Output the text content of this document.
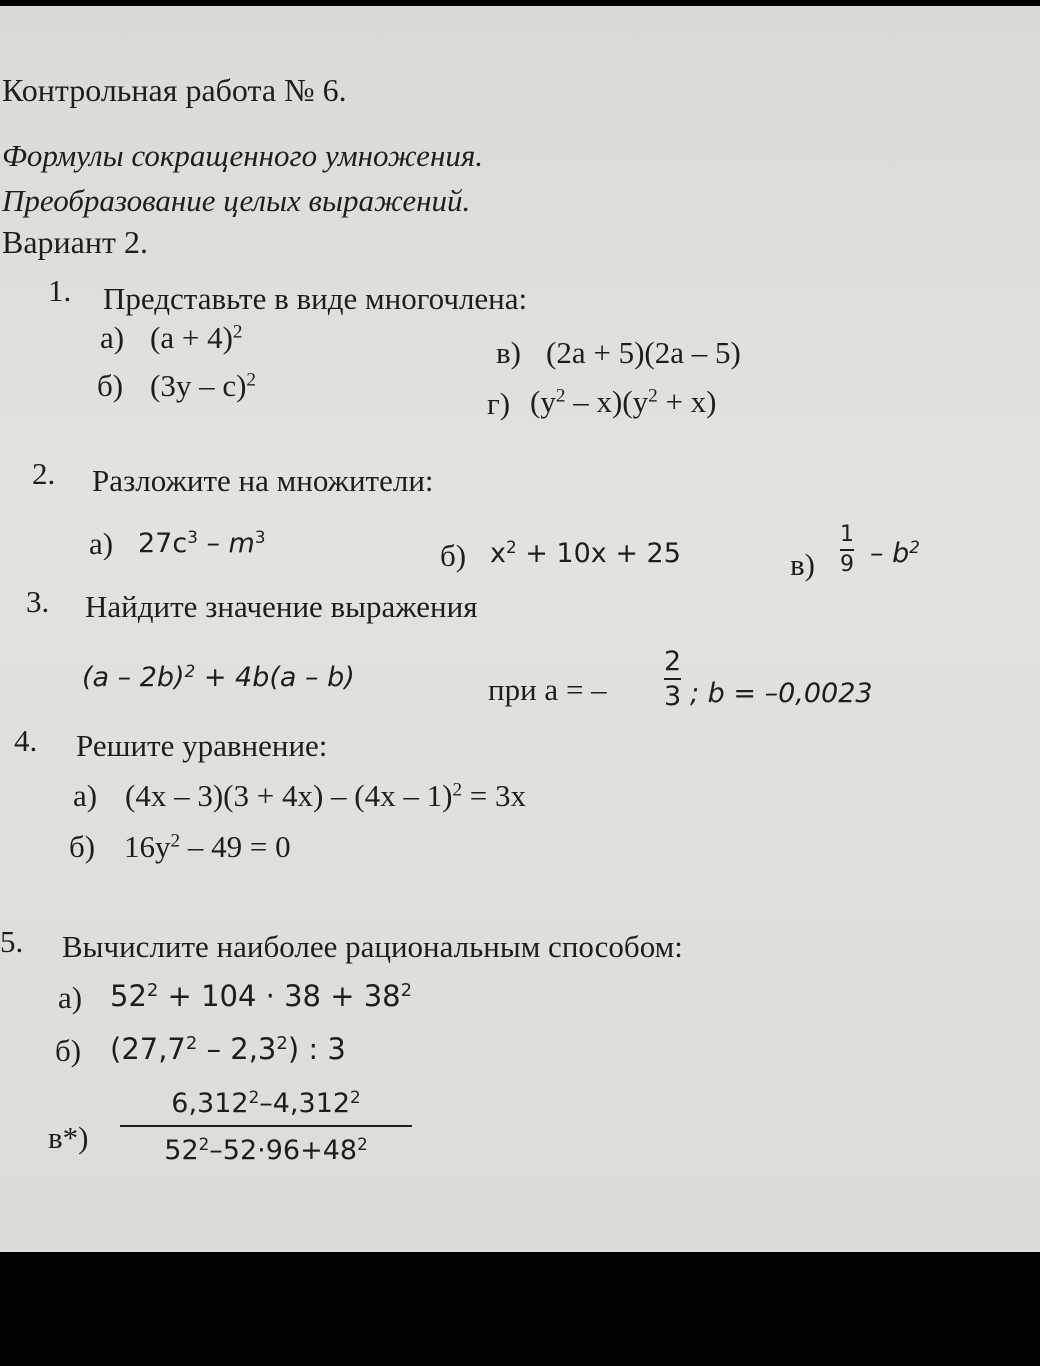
Контрольная работа № 6.
Формулы сокращенного умножения.
Преобразование целых выражений.
Вариант 2.
1. Представьте в виде многочлена:
а) $(a + 4)^2$
б) (3y – c)$^2$
в) (2a + 5)(2a – 5)
г) $(y^2 - x)(y^2 + x)$
2. Разложите на множители:
а) $27c^3 - m^3$
б) $x^2 + 10x + 25$	в)
1
$9 - b^2$
3. Найдите значение выражения
(a – 2b)$^2$ + 4b(a – b)	при а = –
2
3 ; b = –0,0023
4. Решите уравнение:
а) (4x – 3)(3 + 4x) – (4x – 1)$^2$ = 3x
б) $16y^2 - 49 = 0$
5. Вычислите наиболее рациональным способом:
а) $52^2 + 104 \cdot 38 + 38^2$
б) $(27,7^2 - 2,3^2)$ : 3
в*)
6,312$^2$–4,312$^2$
$52^2-52\cdot 96+48^2$
